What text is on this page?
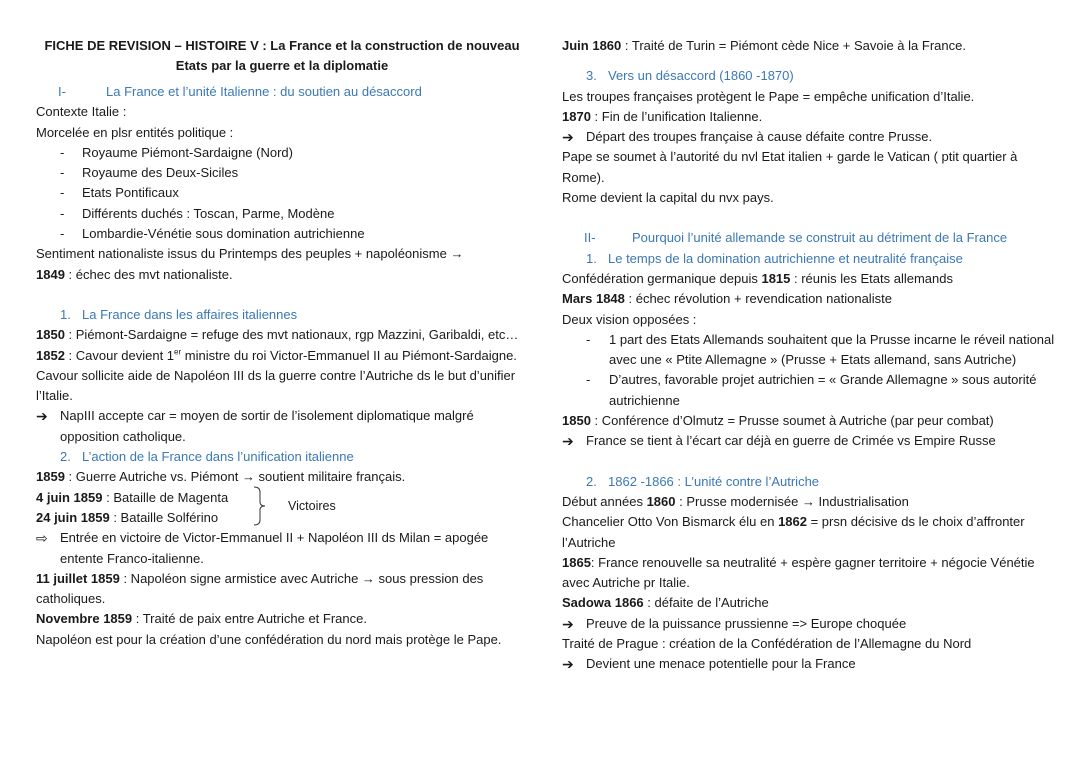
FICHE DE REVISION – HISTOIRE V : La France et la construction de nouveau
Etats par la guerre et la diplomatie
I-	La France et l’unité Italienne : du soutien au désaccord
Contexte Italie :
Morcelée en plsr entités politique :
- Royaume Piémont-Sardaigne (Nord)
- Royaume des Deux-Siciles
- Etats Pontificaux
- Différents duchés : Toscan, Parme, Modène
- Lombardie-Vénétie sous domination autrichienne
Sentiment nationaliste issus du Printemps des peuples + napoléonisme →
1849 : échec des mvt nationaliste.
1. La France dans les affaires italiennes
1850 : Piémont-Sardaigne = refuge des mvt nationaux, rgp Mazzini, Garibaldi, etc…
1852 : Cavour devient 1er ministre du roi Victor-Emmanuel II au Piémont-Sardaigne.
Cavour sollicite aide de Napoléon III ds la guerre contre l’Autriche ds le but d’unifier l’Italie.
➔ NapIII accepte car = moyen de sortir de l’isolement diplomatique malgré opposition catholique.
2. L’action de la France dans l’unification italienne
1859 : Guerre Autriche vs. Piémont → soutient militaire français.
4 juin 1859 : Bataille de Magenta
24 juin 1859 : Bataille Solférino
Victoires
⇨ Entrée en victoire de Victor-Emmanuel II + Napoléon III ds Milan = apogée entente Franco-italienne.
11 juillet 1859 : Napoléon signe armistice avec Autriche → sous pression des catholiques.
Novembre 1859 : Traité de paix entre Autriche et France.
Napoléon est pour la création d’une confédération du nord mais protège le Pape.
Juin 1860 : Traité de Turin = Piémont cède Nice + Savoie à la France.
3. Vers un désaccord (1860 -1870)
Les troupes françaises protègent le Pape = empêche unification d’Italie.
1870 : Fin de l’unification Italienne.
➔ Départ des troupes française à cause défaite contre Prusse.
Pape se soumet à l’autorité du nvl Etat italien + garde le Vatican ( ptit quartier à Rome).
Rome devient la capital du nvx pays.
II-	Pourquoi l’unité allemande se construit au détriment de la France
1. Le temps de la domination autrichienne et neutralité française
Confédération germanique depuis 1815 : réunis les Etats allemands
Mars 1848 : échec révolution + revendication nationaliste
Deux vision opposées :
- 1 part des Etats Allemands souhaitent que la Prusse incarne le réveil national avec une « Ptite Allemagne » (Prusse + Etats allemand, sans Autriche)
- D’autres, favorable projet autrichien = « Grande Allemagne » sous autorité autrichienne
1850 : Conférence d’Olmutz = Prusse soumet à Autriche (par peur combat)
➔ France se tient à l’écart car déjà en guerre de Crimée vs Empire Russe
2. 1862 -1866 : L’unité contre l’Autriche
Début années 1860 : Prusse modernisée → Industrialisation
Chancelier Otto Von Bismarck élu en 1862 = prsn décisive ds le choix d’affronter l’Autriche
1865: France renouvelle sa neutralité + espère gagner territoire + négocie Vénétie avec Autriche pr Italie.
Sadowa 1866 : défaite de l’Autriche
➔ Preuve de la puissance prussienne => Europe choquée
Traité de Prague : création de la Confédération de l’Allemagne du Nord
➔ Devient une menace potentielle pour la France
